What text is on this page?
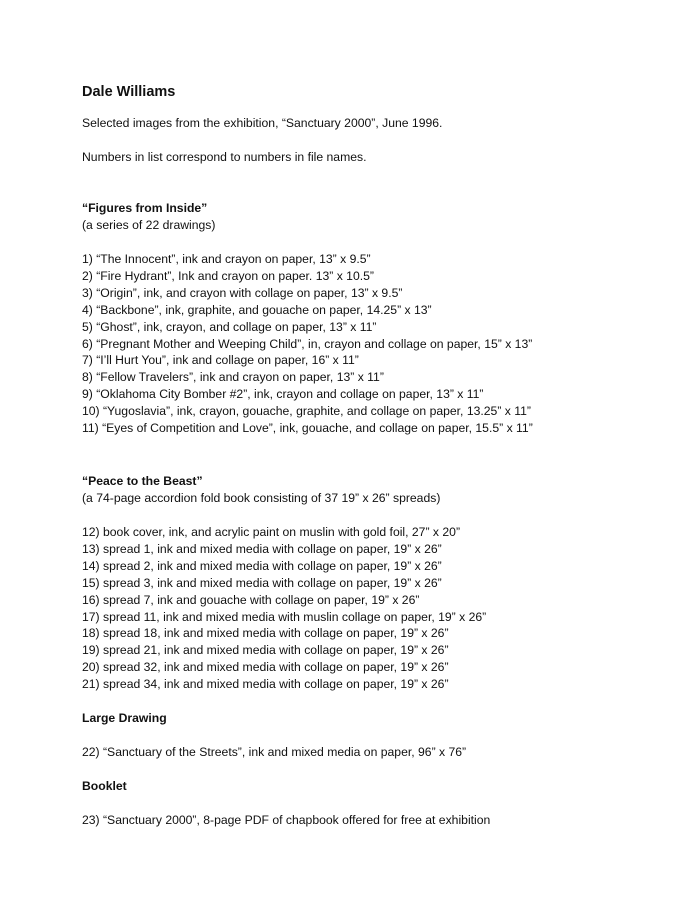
Dale Williams
Selected images from the exhibition, “Sanctuary 2000”, June 1996.
Numbers in list correspond to numbers in file names.
“Figures from Inside”
(a series of 22 drawings)
1) “The Innocent”, ink and crayon on paper, 13” x 9.5”
2) “Fire Hydrant”, Ink and crayon on paper. 13” x 10.5”
3) “Origin”, ink, and crayon with collage on paper, 13” x 9.5”
4) “Backbone”, ink, graphite, and gouache on paper, 14.25” x 13”
5) “Ghost”, ink, crayon, and collage on paper, 13” x 11”
6) “Pregnant Mother and Weeping Child”, in, crayon and collage on paper, 15” x 13”
7) “I’ll Hurt You”, ink and collage on paper, 16” x 11”
8) “Fellow Travelers”, ink and crayon on paper, 13” x 11”
9) “Oklahoma City Bomber #2”, ink, crayon and collage on paper, 13” x 11”
10) “Yugoslavia”, ink, crayon, gouache, graphite, and collage on paper, 13.25” x 11”
11) “Eyes of Competition and Love”, ink, gouache, and collage on paper, 15.5” x 11”
“Peace to the Beast”
(a 74-page accordion fold book consisting of 37 19” x 26” spreads)
12) book cover, ink, and acrylic paint on muslin with gold foil, 27” x 20”
13) spread 1, ink and mixed media with collage on paper, 19” x 26”
14) spread 2, ink and mixed media with collage on paper, 19” x 26”
15) spread 3, ink and mixed media with collage on paper, 19” x 26”
16) spread 7, ink and gouache with collage on paper, 19” x 26”
17) spread 11, ink and mixed media with muslin collage on paper, 19” x 26”
18) spread 18, ink and mixed media with collage on paper, 19” x 26”
19) spread 21, ink and mixed media with collage on paper, 19” x 26”
20) spread 32, ink and mixed media with collage on paper, 19” x 26”
21) spread 34, ink and mixed media with collage on paper, 19” x 26”
Large Drawing
22) “Sanctuary of the Streets”, ink and mixed media on paper, 96” x 76”
Booklet
23) “Sanctuary 2000”, 8-page PDF of chapbook offered for free at exhibition
